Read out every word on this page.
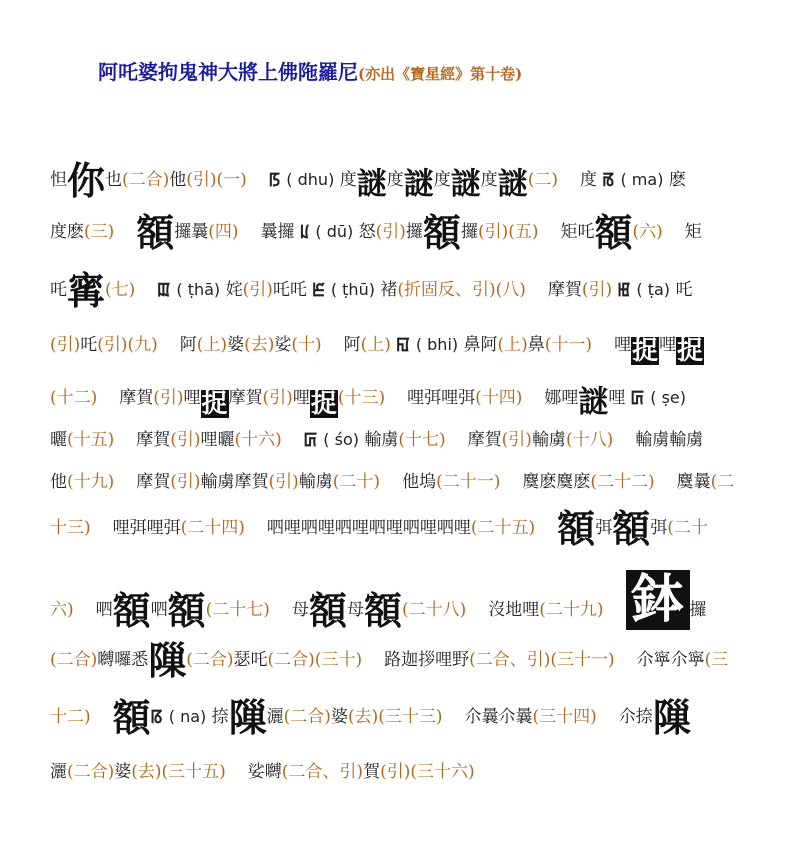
阿吒婆拘鬼神大將上佛陁羅尼(亦出《寶星經》第十卷)
怛你也(二合)他(引)(一) ꡑ ( dhu) 度謎度謎度謎度謎(二) 度 ꡏ ( ma) 麽
度麽(三) 額攞曩(四) 曩攞 ꡊ ( dū) 怒(引)攞額攞(引)(五) 矩吒額(六) 矩
吒寗(七) ꡉ ( ṭhā) 姹(引)吒吒 ꡈ ( ṭhū) 褚(折固反、引)(八) 摩賀(引) ꡅ ( ṭa) 吒
(引)吒(引)(九) 阿(上)婆(去)娑(十) 阿(上) ꡎ ( bhi) 鼻阿(上)鼻(十一) 哩捉哩捉
(十二) 摩賀(引)哩捉摩賀(引)哩捉(十三) 哩弭哩弭(十四) 娜哩謎哩 ꡚ ( ṣe)
曬(十五) 摩賀(引)哩曬(十六) ꡚ ( śo) 輸虜(十七) 摩賀(引)輸虜(十八) 輸虜輸虜
他(十九) 摩賀(引)輸虜摩賀(引)輸虜(二十) 他塢(二十一) 麌麽麌麽(二十二) 麌曩(二
十三) 哩弭哩弭(二十四) 呬哩呬哩呬哩呬哩呬哩呬哩(二十五) 額弭額弭(二十
六) 呬額呬額(二十七) 母額母額(二十八) 沒地哩(二十九) 鉢 攞
(二合)嚩囉悉隟(二合)瑟吒(二合)(三十) 路迦拶哩野(二合、引)(三十一) 尒寧尒寧(三
十二) 額ꡋ ( na) 捺隟灑(二合)婆(去)(三十三) 尒曩尒曩(三十四) 尒捺隟
灑(二合)婆(去)(三十五) 娑嚩(二合、引)賀(引)(三十六)
